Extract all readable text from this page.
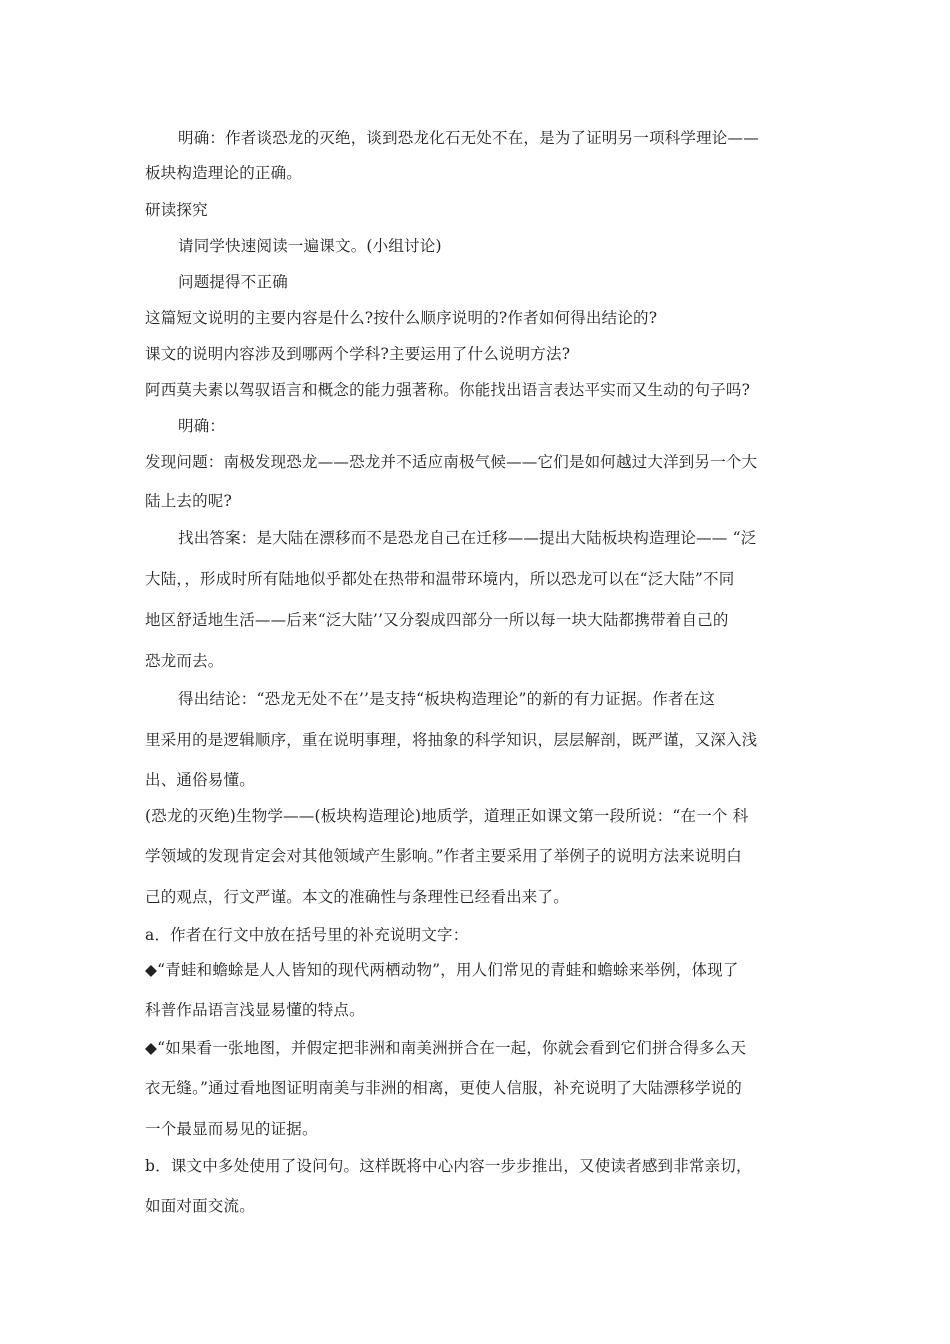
明确：作者谈恐龙的灭绝，谈到恐龙化石无处不在，是为了证明另一项科学理论——
板块构造理论的正确。
研读探究
请同学快速阅读一遍课文。(小组讨论)
问题提得不正确
这篇短文说明的主要内容是什么?按什么顺序说明的?作者如何得出结论的?
课文的说明内容涉及到哪两个学科?主要运用了什么说明方法?
阿西莫夫素以驾驭语言和概念的能力强著称。你能找出语言表达平实而又生动的句子吗?
明确：
发现问题：南极发现恐龙——恐龙并不适应南极气候——它们是如何越过大洋到另一个大
陆上去的呢?
找出答案：是大陆在漂移而不是恐龙自己在迁移——提出大陆板块构造理论—— “泛
大陆，，形成时所有陆地似乎都处在热带和温带环境内，所以恐龙可以在“泛大陆”不同
地区舒适地生活——后来“泛大陆’’又分裂成四部分一所以每一块大陆都携带着自己的
恐龙而去。
得出结论：“恐龙无处不在’’是支持“板块构造理论”的新的有力证据。作者在这
里采用的是逻辑顺序，重在说明事理，将抽象的科学知识，层层解剖，既严谨，又深入浅
出、通俗易懂。
(恐龙的灭绝)生物学——(板块构造理论)地质学，道理正如课文第一段所说：“在一个 科
学领域的发现肯定会对其他领域产生影响。”作者主要采用了举例子的说明方法来说明白
己的观点，行文严谨。本文的准确性与条理性已经看出来了。
a．作者在行文中放在括号里的补充说明文字：
◆“青蛙和蟾蜍是人人皆知的现代两栖动物”，用人们常见的青蛙和蟾蜍来举例，体现了
科普作品语言浅显易懂的特点。
◆“如果看一张地图，并假定把非洲和南美洲拼合在一起，你就会看到它们拼合得多么天
衣无缝。”通过看地图证明南美与非洲的相离，更使人信服，补充说明了大陆漂移学说的
一个最显而易见的证据。
b．课文中多处使用了设问句。这样既将中心内容一步步推出，又使读者感到非常亲切，
如面对面交流。
